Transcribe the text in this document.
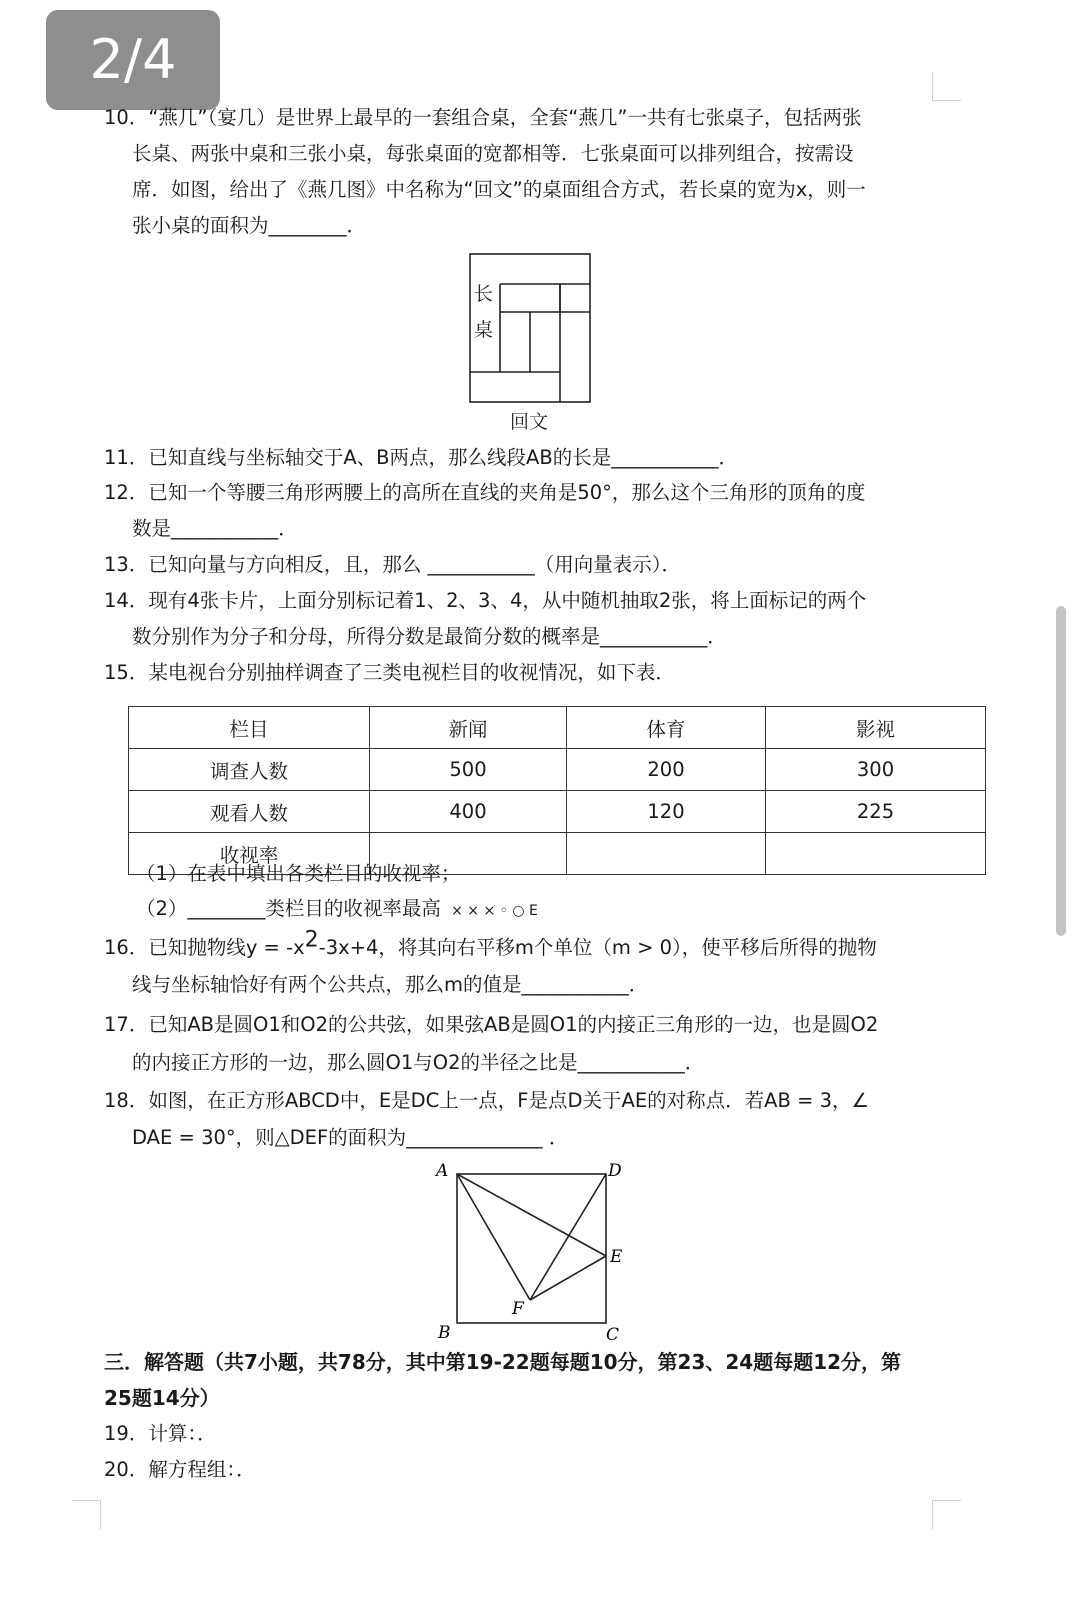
2/4
10．“燕几”（宴几）是世界上最早的一套组合桌，全套“燕几”一共有七张桌子，包括两张
长桌、两张中桌和三张小桌，每张桌面的宽都相等．七张桌面可以排列组合，按需设
席．如图，给出了《燕几图》中名称为“回文”的桌面组合方式，若长桌的宽为x，则一
张小桌的面积为________．
长
桌
回文
11．已知直线与坐标轴交于A、B两点，那么线段AB的长是___________．
12．已知一个等腰三角形两腰上的高所在直线的夹角是50°，那么这个三角形的顶角的度
数是___________．
13．已知向量与方向相反，且，那么 ___________（用向量表示）．
14．现有4张卡片，上面分别标记着1、2、3、4，从中随机抽取2张，将上面标记的两个
数分别作为分子和分母，所得分数是最简分数的概率是___________．
15．某电视台分别抽样调查了三类电视栏目的收视情况，如下表．
栏目	新闻	体育	影视
调查人数	500	200	300
观看人数	400	120	225
收视率			
（1）在表中填出各类栏目的收视率；
（2）________类栏目的收视率最高 × × ⨯ ◦ ○ E
16．已知抛物线$y = -x^2-3x+4$，将其向右平移m个单位（m > 0），使平移后所得的抛物
线与坐标轴恰好有两个公共点，那么m的值是___________．
17．已知AB是圆O1和O2的公共弦，如果弦AB是圆O1的内接正三角形的一边，也是圆O2
的内接正方形的一边，那么圆O1与O2的半径之比是___________．
18．如图，在正方形ABCD中，E是DC上一点，F是点D关于AE的对称点．若AB = 3，∠
DAE = 30°，则△DEF的面积为______________ ．
A
B	C
D
E
F
三．解答题（共7小题，共78分，其中第19-22题每题10分，第23、24题每题12分，第
25题14分）
19．计算：．
20．解方程组：．
